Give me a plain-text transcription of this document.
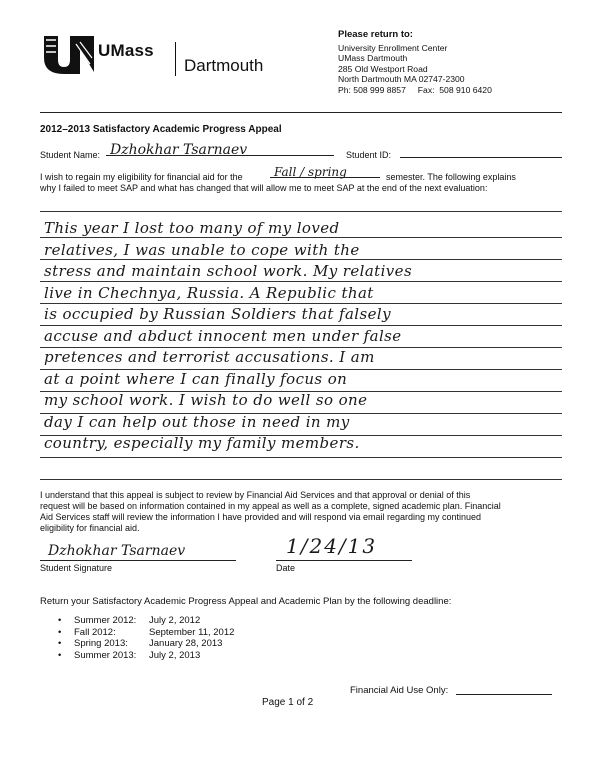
UMass
Dartmouth
Please return to:
University Enrollment Center
UMass Dartmouth
285 Old Westport Road
North Dartmouth MA 02747-2300
Ph: 508 999 8857     Fax:  508 910 6420
2012–2013 Satisfactory Academic Progress Appeal
Student Name: Dzhokhar Tsarnaev	Student ID:
I wish to regain my eligibility for financial aid for the	Fall / spring	semester. The following explains
why I failed to meet SAP and what has changed that will allow me to meet SAP at the end of the next evaluation:
This year I lost too many of my loved
relatives, I was unable to cope with the
stress and maintain school work. My relatives
live in Chechnya, Russia. A Republic that
is occupied by Russian Soldiers that falsely
accuse and abduct innocent men under false
pretences and terrorist accusations. I am
at a point where I can finally focus on
my school work. I wish to do well so one
day I can help out those in need in my
country, especially my family members.
I understand that this appeal is subject to review by Financial Aid Services and that approval or denial of this
request will be based on information contained in my appeal as well as a complete, signed academic plan. Financial
Aid Services staff will review the information I have provided and will respond via email regarding my continued
eligibility for financial aid.
Dzhokhar Tsarnaev
Student Signature
1/24/13
Date
Return your Satisfactory Academic Progress Appeal and Academic Plan by the following deadline:
•	Summer 2012:	July 2, 2012
•	Fall 2012:	September 11, 2012
•	Spring 2013:	January 28, 2013
•	Summer 2013:	July 2, 2013
Financial Aid Use Only:
Page 1 of 2
